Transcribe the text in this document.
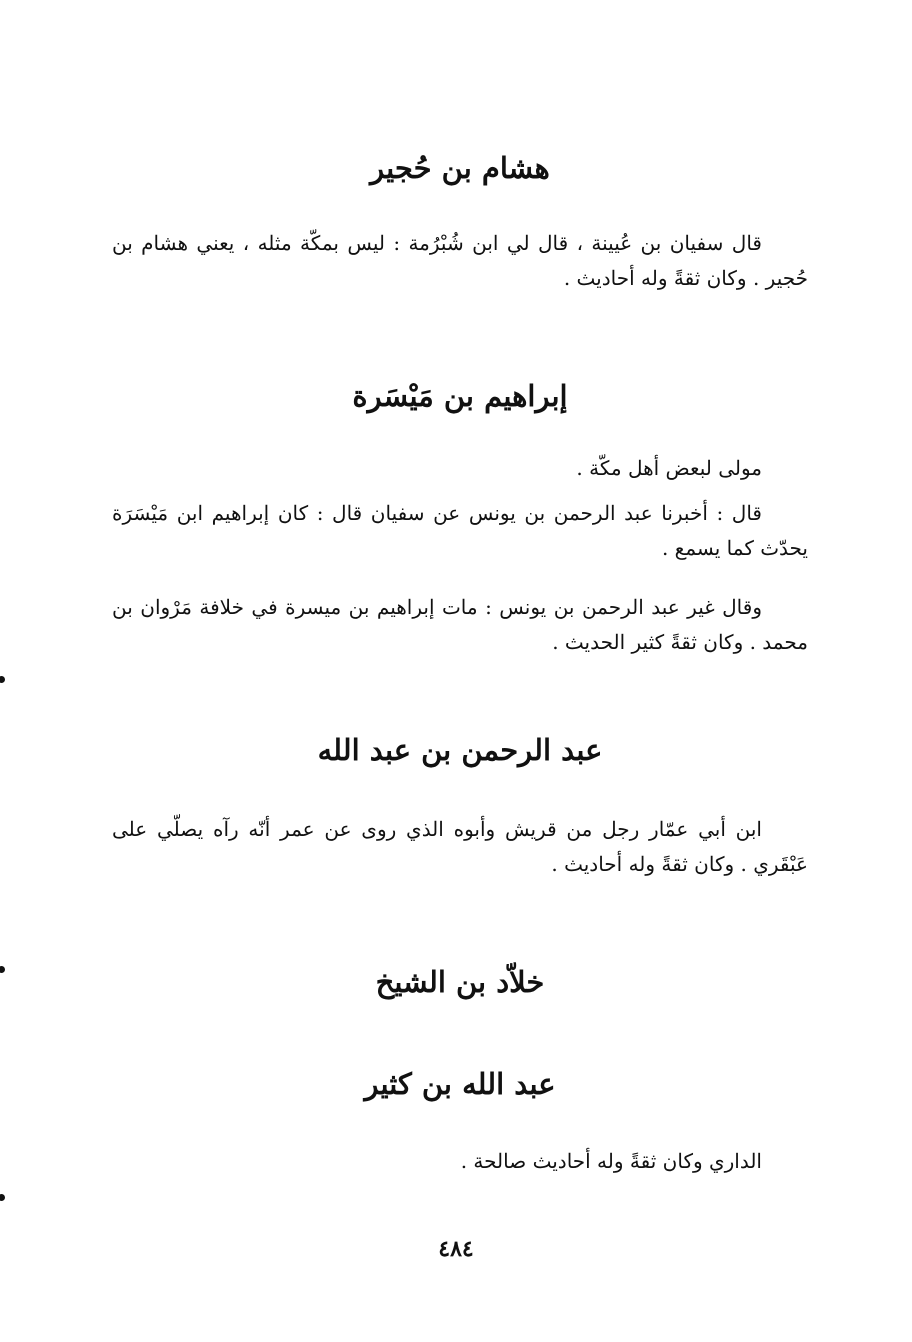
هشام بن حُجير
قال سفيان بن عُيينة ، قال لي ابن شُبْرُمة : ليس بمكّة مثله ، يعني هشام بن حُجير . وكان ثقةً وله أحاديث .
إبراهيم بن مَيْسَرة
مولى لبعض أهل مكّة .
قال : أخبرنا عبد الرحمن بن يونس عن سفيان قال : كان إبراهيم ابن مَيْسَرَة يحدّث كما يسمع .
وقال غير عبد الرحمن بن يونس : مات إبراهيم بن ميسرة في خلافة مَرْوان بن محمد . وكان ثقةً كثير الحديث .
عبد الرحمن بن عبد الله
ابن أبي عمّار رجل من قريش وأبوه الذي روى عن عمر أنّه رآه يصلّي على عَبْقَري . وكان ثقةً وله أحاديث .
خلاّد بن الشيخ
عبد الله بن كثير
الداري وكان ثقةً وله أحاديث صالحة .
٤٨٤
